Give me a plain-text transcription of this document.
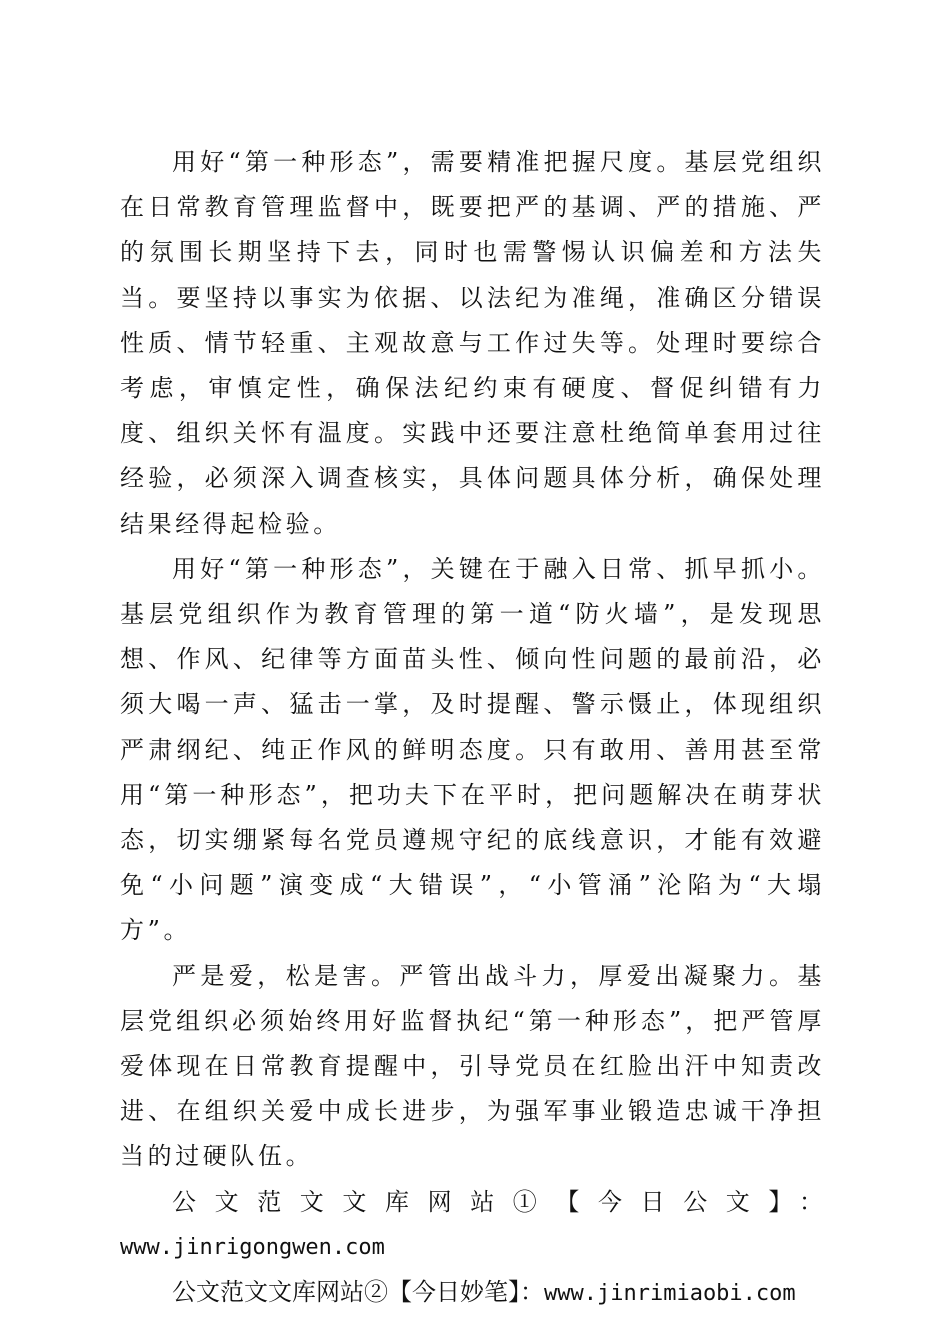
用好“第一种形态”，需要精准把握尺度。基层党组织在日常教育管理监督中，既要把严的基调、严的措施、严的氛围长期坚持下去，同时也需警惕认识偏差和方法失当。要坚持以事实为依据、以法纪为准绳，准确区分错误性质、情节轻重、主观故意与工作过失等。处理时要综合考虑，审慎定性，确保法纪约束有硬度、督促纠错有力度、组织关怀有温度。实践中还要注意杜绝简单套用过往经验，必须深入调查核实，具体问题具体分析，确保处理结果经得起检验。

用好“第一种形态”，关键在于融入日常、抓早抓小。基层党组织作为教育管理的第一道“防火墙”，是发现思想、作风、纪律等方面苗头性、倾向性问题的最前沿，必须大喝一声、猛击一掌，及时提醒、警示慑止，体现组织严肃纲纪、纯正作风的鲜明态度。只有敢用、善用甚至常用“第一种形态”，把功夫下在平时，把问题解决在萌芽状态，切实绷紧每名党员遵规守纪的底线意识，才能有效避免“小问题”演变成“大错误”，“小管涌”沦陷为“大塌方”。

严是爱，松是害。严管出战斗力，厚爱出凝聚力。基层党组织必须始终用好监督执纪“第一种形态”，把严管厚爱体现在日常教育提醒中，引导党员在红脸出汗中知责改进、在组织关爱中成长进步，为强军事业锻造忠诚干净担当的过硬队伍。

公文范文文库网站①【今日公文】：
www.jinrigongwen.com

公文范文文库网站②【今日妙笔】：www.jinrimiaobi.com
